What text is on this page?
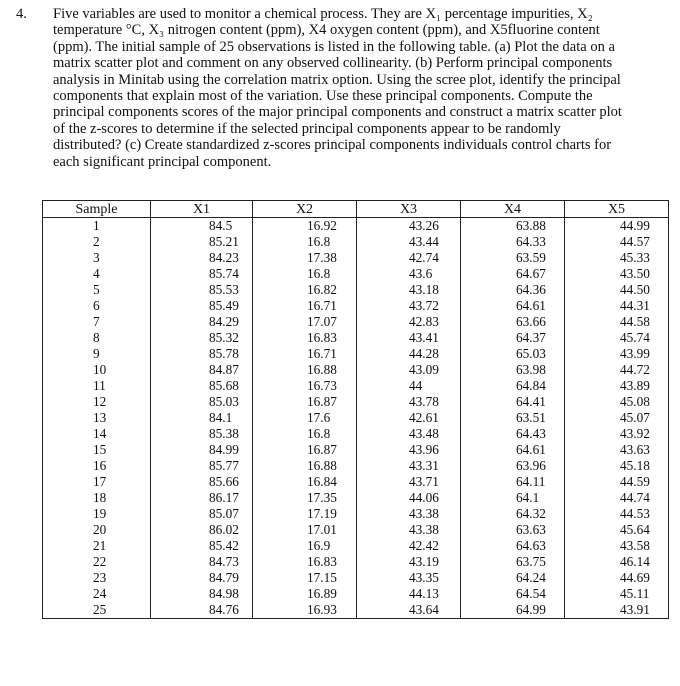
4. Five variables are used to monitor a chemical process. They are X₁ percentage impurities, X₂
temperature °C, X₃ nitrogen content (ppm), X4 oxygen content (ppm), and X5fluorine content
(ppm). The initial sample of 25 observations is listed in the following table. (a) Plot the data on a
matrix scatter plot and comment on any observed collinearity. (b) Perform principal components
analysis in Minitab using the correlation matrix option. Using the scree plot, identify the principal
components that explain most of the variation. Use these principal components. Compute the
principal components scores of the major principal components and construct a matrix scatter plot
of the z-scores to determine if the selected principal components appear to be randomly
distributed? (c) Create standardized z-scores principal components individuals control charts for
each significant principal component.
Sample	X1	X2	X3	X4	X5
1	84.5	16.92	43.26	63.88	44.99
2	85.21	16.8	43.44	64.33	44.57
3	84.23	17.38	42.74	63.59	45.33
4	85.74	16.8	43.6	64.67	43.50
5	85.53	16.82	43.18	64.36	44.50
6	85.49	16.71	43.72	64.61	44.31
7	84.29	17.07	42.83	63.66	44.58
8	85.32	16.83	43.41	64.37	45.74
9	85.78	16.71	44.28	65.03	43.99
10	84.87	16.88	43.09	63.98	44.72
11	85.68	16.73	44	64.84	43.89
12	85.03	16.87	43.78	64.41	45.08
13	84.1	17.6	42.61	63.51	45.07
14	85.38	16.8	43.48	64.43	43.92
15	84.99	16.87	43.96	64.61	43.63
16	85.77	16.88	43.31	63.96	45.18
17	85.66	16.84	43.71	64.11	44.59
18	86.17	17.35	44.06	64.1	44.74
19	85.07	17.19	43.38	64.32	44.53
20	86.02	17.01	43.38	63.63	45.64
21	85.42	16.9	42.42	64.63	43.58
22	84.73	16.83	43.19	63.75	46.14
23	84.79	17.15	43.35	64.24	44.69
24	84.98	16.89	44.13	64.54	45.11
25	84.76	16.93	43.64	64.99	43.91
